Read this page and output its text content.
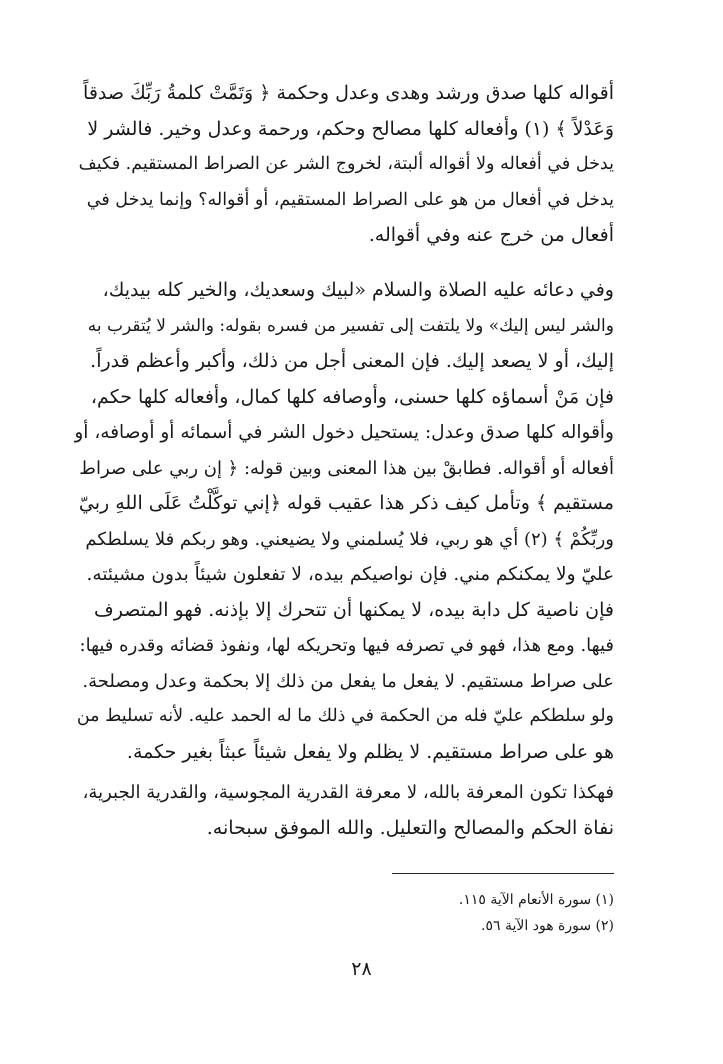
أقواله كلها صدق ورشد وهدى وعدل وحكمة ﴿ وَتَمَّتْ كلمةُ رَبِّكَ صدقاً
وَعَدْلاً ﴾ (١) وأفعاله كلها مصالح وحكم، ورحمة وعدل وخير. فالشر لا
يدخل في أفعاله ولا أقواله ألبتة، لخروج الشر عن الصراط المستقيم. فكيف
يدخل في أفعال من هو على الصراط المستقيم، أو أقواله؟ وإنما يدخل في
أفعال من خرج عنه وفي أقواله.
وفي دعائه عليه الصلاة والسلام «لبيك وسعديك، والخير كله بيديك،
والشر ليس إليك» ولا يلتفت إلى تفسير من فسره بقوله: والشر لا يُتقرب به
إليك، أو لا يصعد إليك. فإن المعنى أجل من ذلك، وأكبر وأعظم قدراً.
فإن مَنْ أسماؤه كلها حسنى، وأوصافه كلها كمال، وأفعاله كلها حكم،
وأقواله كلها صدق وعدل: يستحيل دخول الشر في أسمائه أو أوصافه، أو
أفعاله أو أقواله. فطابقْ بين هذا المعنى وبين قوله: ﴿ إن ربي على صراط
مستقيم ﴾ وتأمل كيف ذكر هذا عقيب قوله ﴿إني توكَّلْتُ عَلَى اللهِ ربيّ
وربِّكُمْ ﴾ (٢) أي هو ربي، فلا يُسلمني ولا يضيعني. وهو ربكم فلا يسلطكم
عليّ ولا يمكنكم مني. فإن نواصيكم بيده، لا تفعلون شيئاً بدون مشيئته.
فإن ناصية كل دابة بيده، لا يمكنها أن تتحرك إلا بإذنه. فهو المتصرف
فيها. ومع هذا، فهو في تصرفه فيها وتحريكه لها، ونفوذ قضائه وقدره فيها:
على صراط مستقيم. لا يفعل ما يفعل من ذلك إلا بحكمة وعدل ومصلحة.
ولو سلطكم عليّ فله من الحكمة في ذلك ما له الحمد عليه. لأنه تسليط من
هو على صراط مستقيم. لا يظلم ولا يفعل شيئاً عبثاً بغير حكمة.
فهكذا تكون المعرفة بالله، لا معرفة القدرية المجوسية، والقدرية الجبرية،
نفاة الحكم والمصالح والتعليل. والله الموفق سبحانه.
(١) سورة الأنعام الآية ١١٥.
(٢) سورة هود الآية ٥٦.
٢٨
